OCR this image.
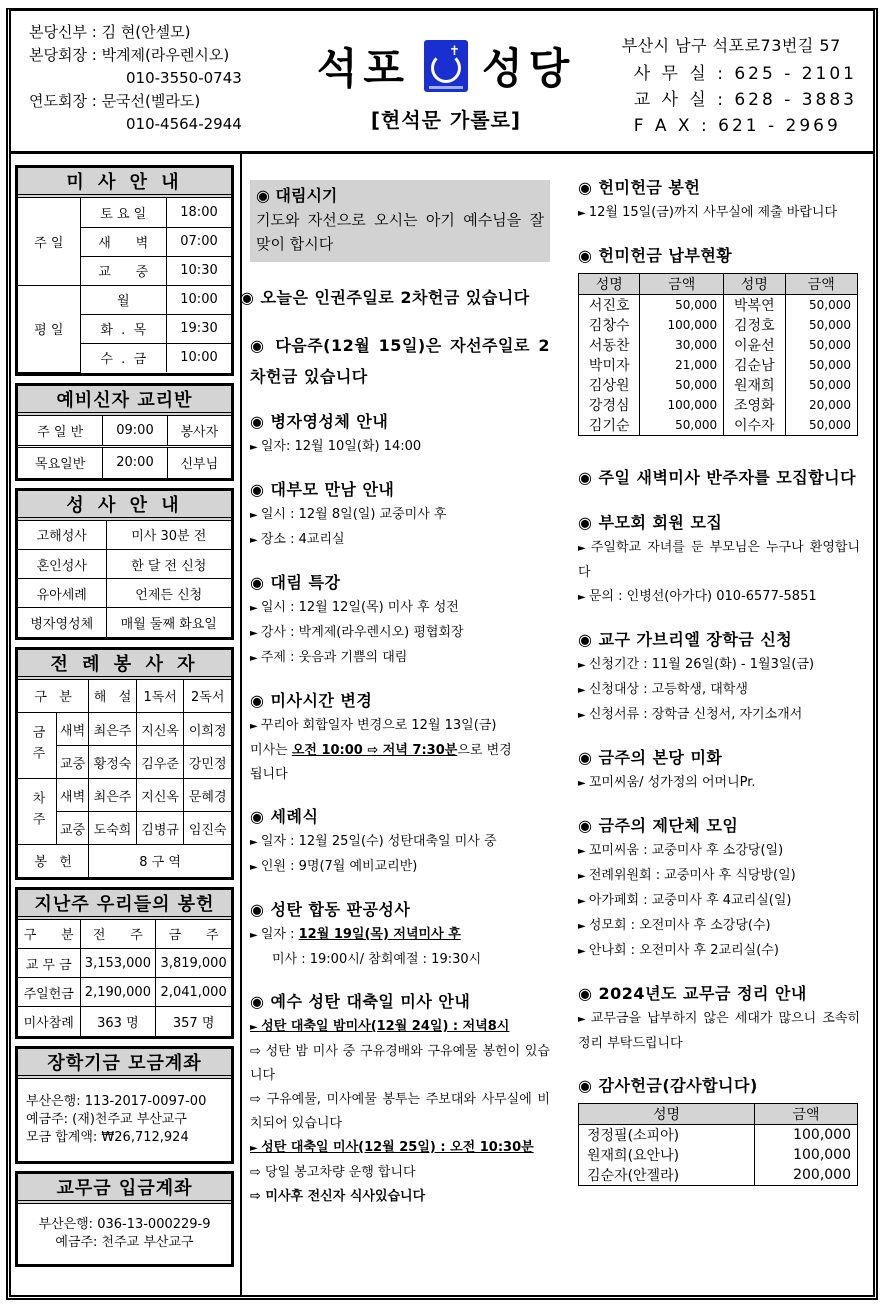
본당신부 : 김 현(안셀모)
본당회장 : 박계제(라우렌시오)
010-3550-0743
연도회장 : 문국선(벨라도)
010-4564-2944
석포	✝ 성당
[현석문 가롤로]
부산시 남구 석포로73번길 57
사 무 실 : 625 - 2101
교 사 실 : 628 - 3883
F A X : 621 - 2969
미 사 안 내
주 일	토 요 일	18:00
	새      벽	07:00
	교      중	10:30
평 일	월	10:00
	화  .  목	19:30
	수  .  금	10:00
예비신자 교리반
주 일 반	09:00	봉사자
목요일반	20:00	신부님
성 사 안 내
고해성사	미사 30분 전
혼인성사	한 달 전 신청
유아세례	언제든 신청
병자영성체	매월 둘째 화요일
전 례 봉 사 자
구   분		해   설	1독서	2독서
금주	새벽	최은주	지신옥	이희정
	교중	황정숙	김우준	강민정
차주	새벽	최은주	지신옥	문혜경
	교중	도숙희	김병규	임진숙
봉   헌		8 구 역		
지난주 우리들의 봉헌
구      분	전      주	금      주
교 무 금	3,153,000	3,819,000
주일헌금	2,190,000	2,041,000
미사참례	363 명	357 명
장학기금 모금계좌
부산은행: 113-2017-0097-00
예금주: (재)천주교 부산교구
모금 합계액: ₩26,712,924
교무금 입금계좌
부산은행: 036-13-000229-9
예금주: 천주교 부산교구
◉ 대림시기
기도와 자선으로 오시는 아기 예수님을 잘 맞이 합시다
◉ 오늘은 인권주일로 2차헌금 있습니다
◉ 다음주(12월 15일)은 자선주일로 2차헌금 있습니다
◉ 병자영성체 안내
► 일자: 12월 10일(화) 14:00
◉ 대부모 만남 안내
► 일시 : 12월 8일(일) 교중미사 후
► 장소 : 4교리실
◉ 대림 특강
► 일시 : 12월 12일(목) 미사 후 성전
► 강사 : 박계제(라우렌시오) 평협회장
► 주제 : 웃음과 기쁨의 대림
◉ 미사시간 변경
► 꾸리아 회합일자 변경으로 12월 13일(금)
미사는 오전 10:00 ⇨ 저녁 7:30분으로 변경
됩니다
◉ 세례식
► 일자 : 12월 25일(수) 성탄대축일 미사 중
► 인원 : 9명(7월 예비교리반)
◉ 성탄 합동 판공성사
► 일자 : 12월 19일(목) 저녁미사 후
미사 : 19:00시/ 참회예절 : 19:30시
◉ 예수 성탄 대축일 미사 안내
► 성탄 대축일 밤미사(12월 24일) : 저녁8시
⇨ 성탄 밤 미사 중 구유경배와 구유예물 봉헌이 있습니다
⇨ 구유예물, 미사예물 봉투는 주보대와 사무실에 비치되어 있습니다
► 성탄 대축일 미사(12월 25일) : 오전 10:30분
⇨ 당일 봉고차량 운행 합니다
⇨ 미사후 전신자 식사있습니다
◉ 헌미헌금 봉헌
► 12월 15일(금)까지 사무실에 제출 바랍니다
◉ 헌미헌금 납부현황
성명	금액	성명	금액
서진호	50,000	박복연	50,000
김창수	100,000	김정호	50,000
서동찬	30,000	이윤선	50,000
박미자	21,000	김순남	50,000
김상원	50,000	원재희	50,000
강경심	100,000	조영화	20,000
김기순	50,000	이수자	50,000
◉ 주일 새벽미사 반주자를 모집합니다
◉ 부모회 회원 모집
► 주일학교 자녀를 둔 부모님은 누구나 환영합니다
► 문의 : 인병선(아가다) 010-6577-5851
◉ 교구 가브리엘 장학금 신청
► 신청기간 : 11월 26일(화) - 1월3일(금)
► 신청대상 : 고등학생, 대학생
► 신청서류 : 장학금 신청서, 자기소개서
◉ 금주의 본당 미화
► 꼬미씨움/ 성가정의 어머니Pr.
◉ 금주의 제단체 모임
► 꼬미씨움 : 교중미사 후 소강당(일)
► 전례위원회 : 교중미사 후 식당방(일)
► 아가페회 : 교중미사 후 4교리실(일)
► 성모회 : 오전미사 후 소강당(수)
► 안나회 : 오전미사 후 2교리실(수)
◉ 2024년도 교무금 정리 안내
► 교무금을 납부하지 않은 세대가 많으니 조속히 정리 부탁드립니다
◉ 감사헌금(감사합니다)
성명	금액
정정필(소피아)	100,000
원재희(요안나)	100,000
김순자(안젤라)	200,000
